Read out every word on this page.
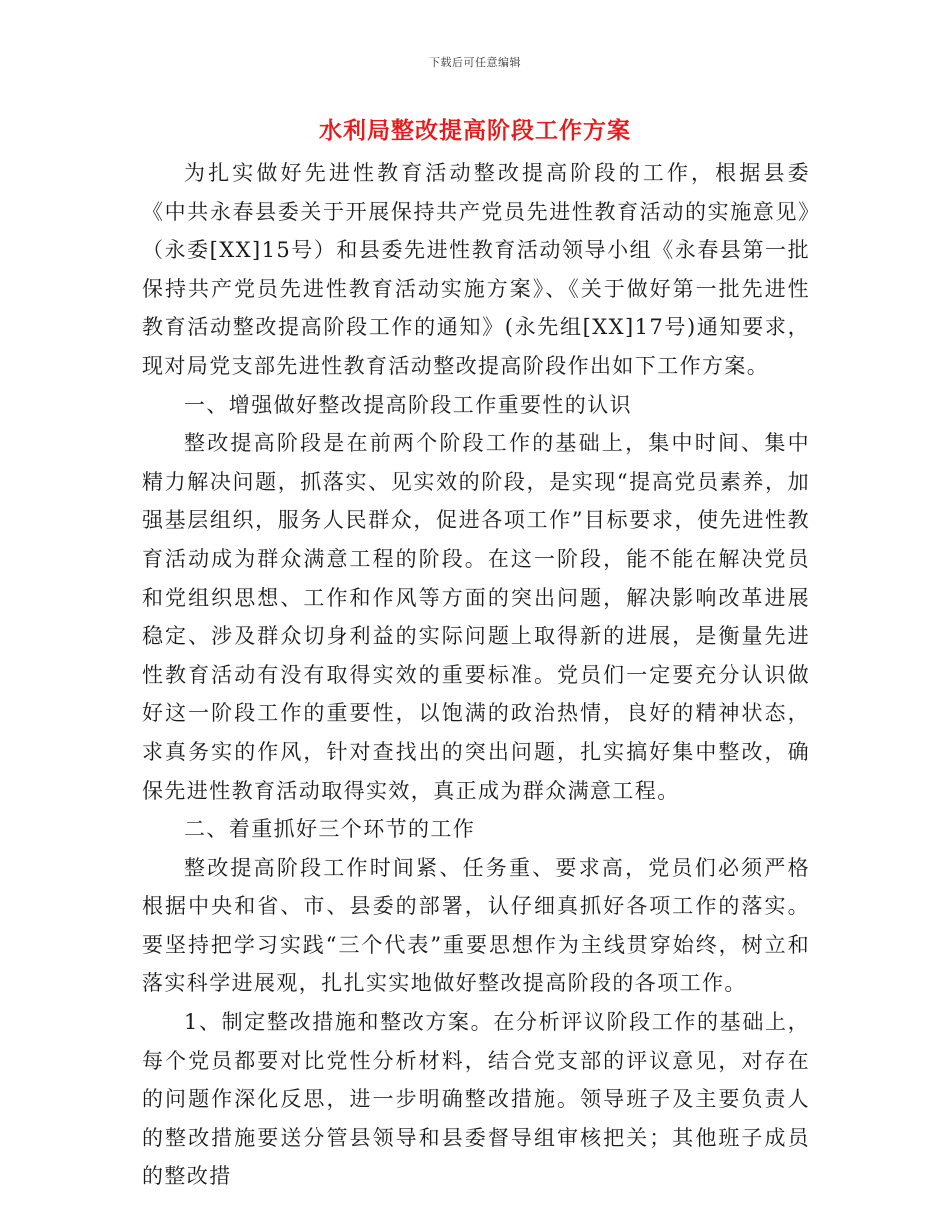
下载后可任意编辑
水利局整改提高阶段工作方案

为扎实做好先进性教育活动整改提高阶段的工作，根据县委《中共永春县委关于开展保持共产党员先进性教育活动的实施意见》（永委[XX]15号）和县委先进性教育活动领导小组《永春县第一批保持共产党员先进性教育活动实施方案》、《关于做好第一批先进性教育活动整改提高阶段工作的通知》(永先组[XX]17号)通知要求，现对局党支部先进性教育活动整改提高阶段作出如下工作方案。

一、增强做好整改提高阶段工作重要性的认识

整改提高阶段是在前两个阶段工作的基础上，集中时间、集中精力解决问题，抓落实、见实效的阶段，是实现“提高党员素养，加强基层组织，服务人民群众，促进各项工作”目标要求，使先进性教育活动成为群众满意工程的阶段。在这一阶段，能不能在解决党员和党组织思想、工作和作风等方面的突出问题，解决影响改革进展稳定、涉及群众切身利益的实际问题上取得新的进展，是衡量先进性教育活动有没有取得实效的重要标准。党员们一定要充分认识做好这一阶段工作的重要性，以饱满的政治热情，良好的精神状态，求真务实的作风，针对查找出的突出问题，扎实搞好集中整改，确保先进性教育活动取得实效，真正成为群众满意工程。

二、着重抓好三个环节的工作

整改提高阶段工作时间紧、任务重、要求高，党员们必须严格根据中央和省、市、县委的部署，认仔细真抓好各项工作的落实。要坚持把学习实践“三个代表”重要思想作为主线贯穿始终，树立和落实科学进展观，扎扎实实地做好整改提高阶段的各项工作。

1、制定整改措施和整改方案。在分析评议阶段工作的基础上，每个党员都要对比党性分析材料，结合党支部的评议意见，对存在的问题作深化反思，进一步明确整改措施。领导班子及主要负责人的整改措施要送分管县领导和县委督导组审核把关；其他班子成员的整改措
